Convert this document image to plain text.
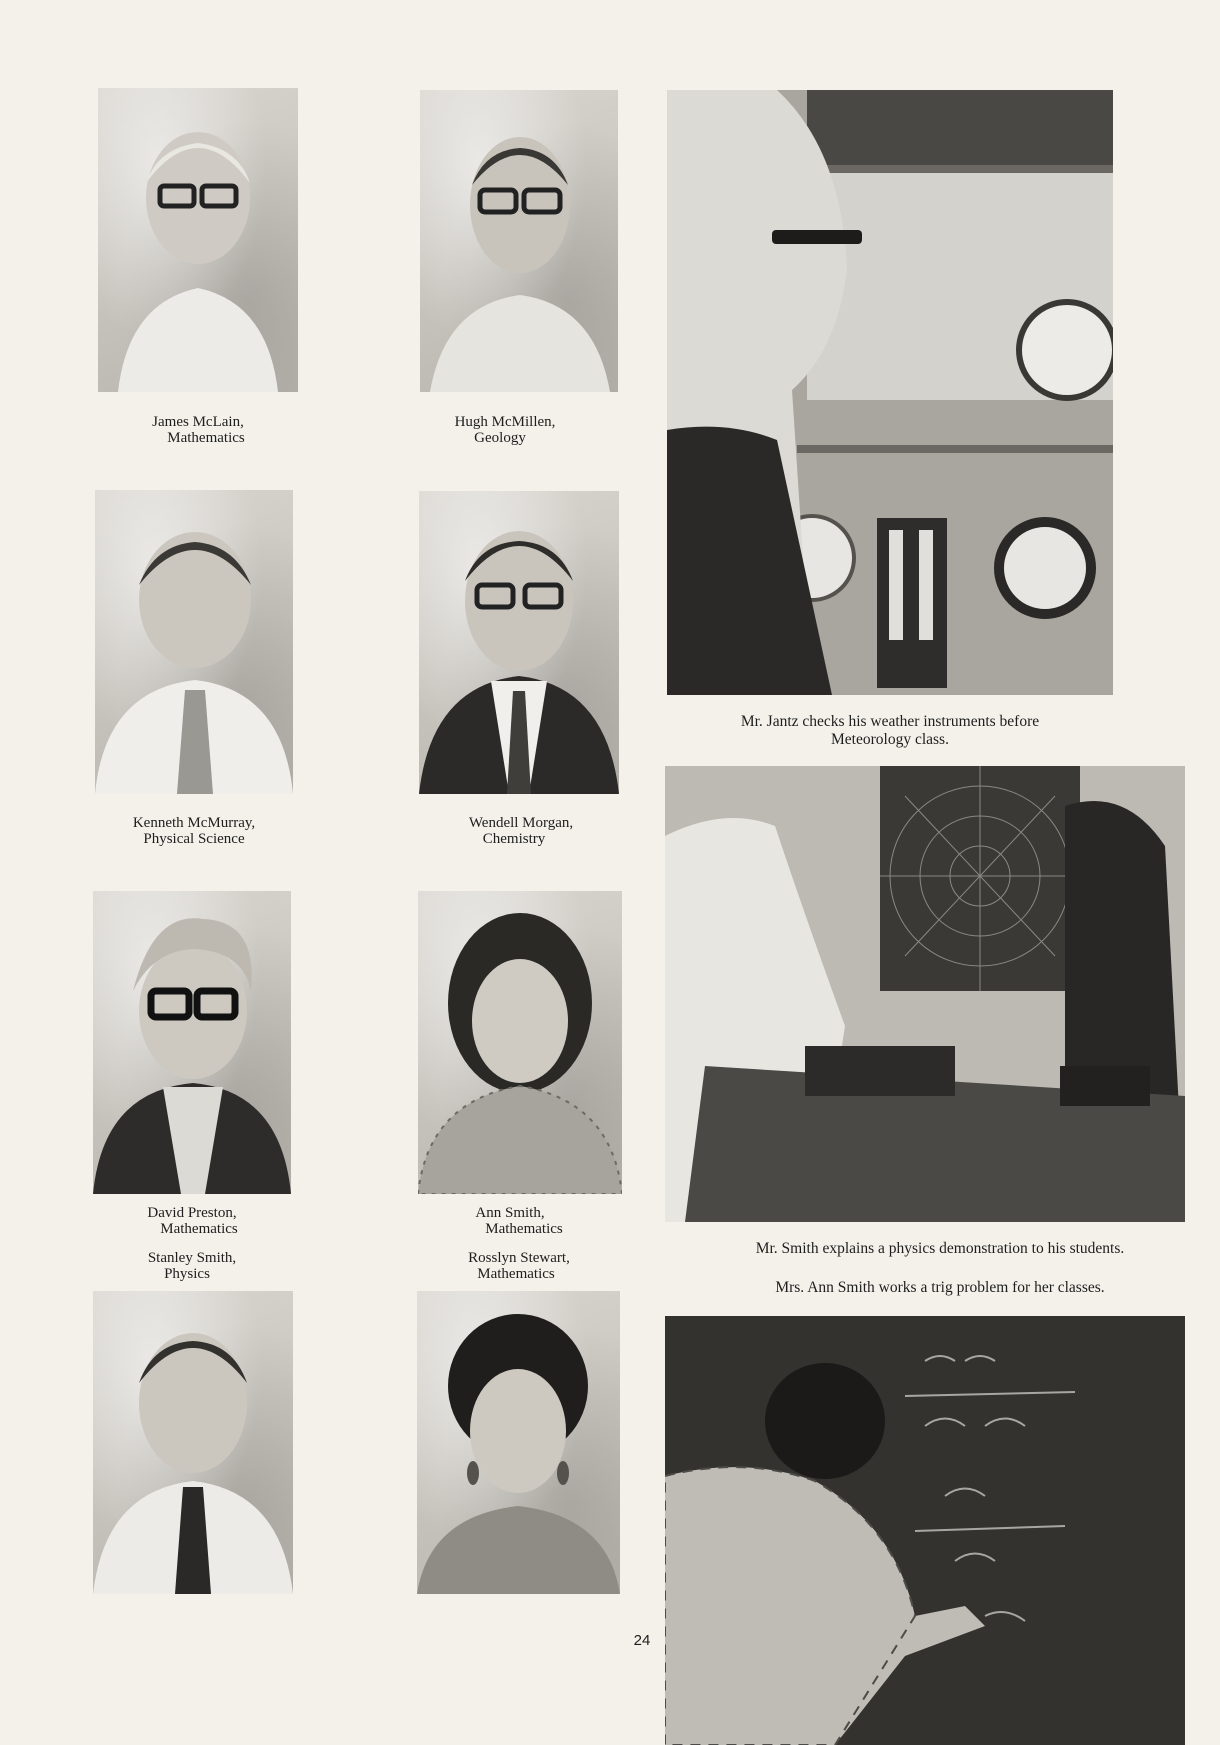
James McLain,
Mathematics
Hugh McMillen,
Geology
Kenneth McMurray,
Physical Science
Wendell Morgan,
Chemistry
David Preston,
Mathematics
Ann Smith,
Mathematics
Stanley Smith,
Physics
Rosslyn Stewart,
Mathematics
Mr. Jantz checks his weather instruments before
Meteorology class.
Mr. Smith explains a physics demonstration to his students.
Mrs. Ann Smith works a trig problem for her classes.
24
